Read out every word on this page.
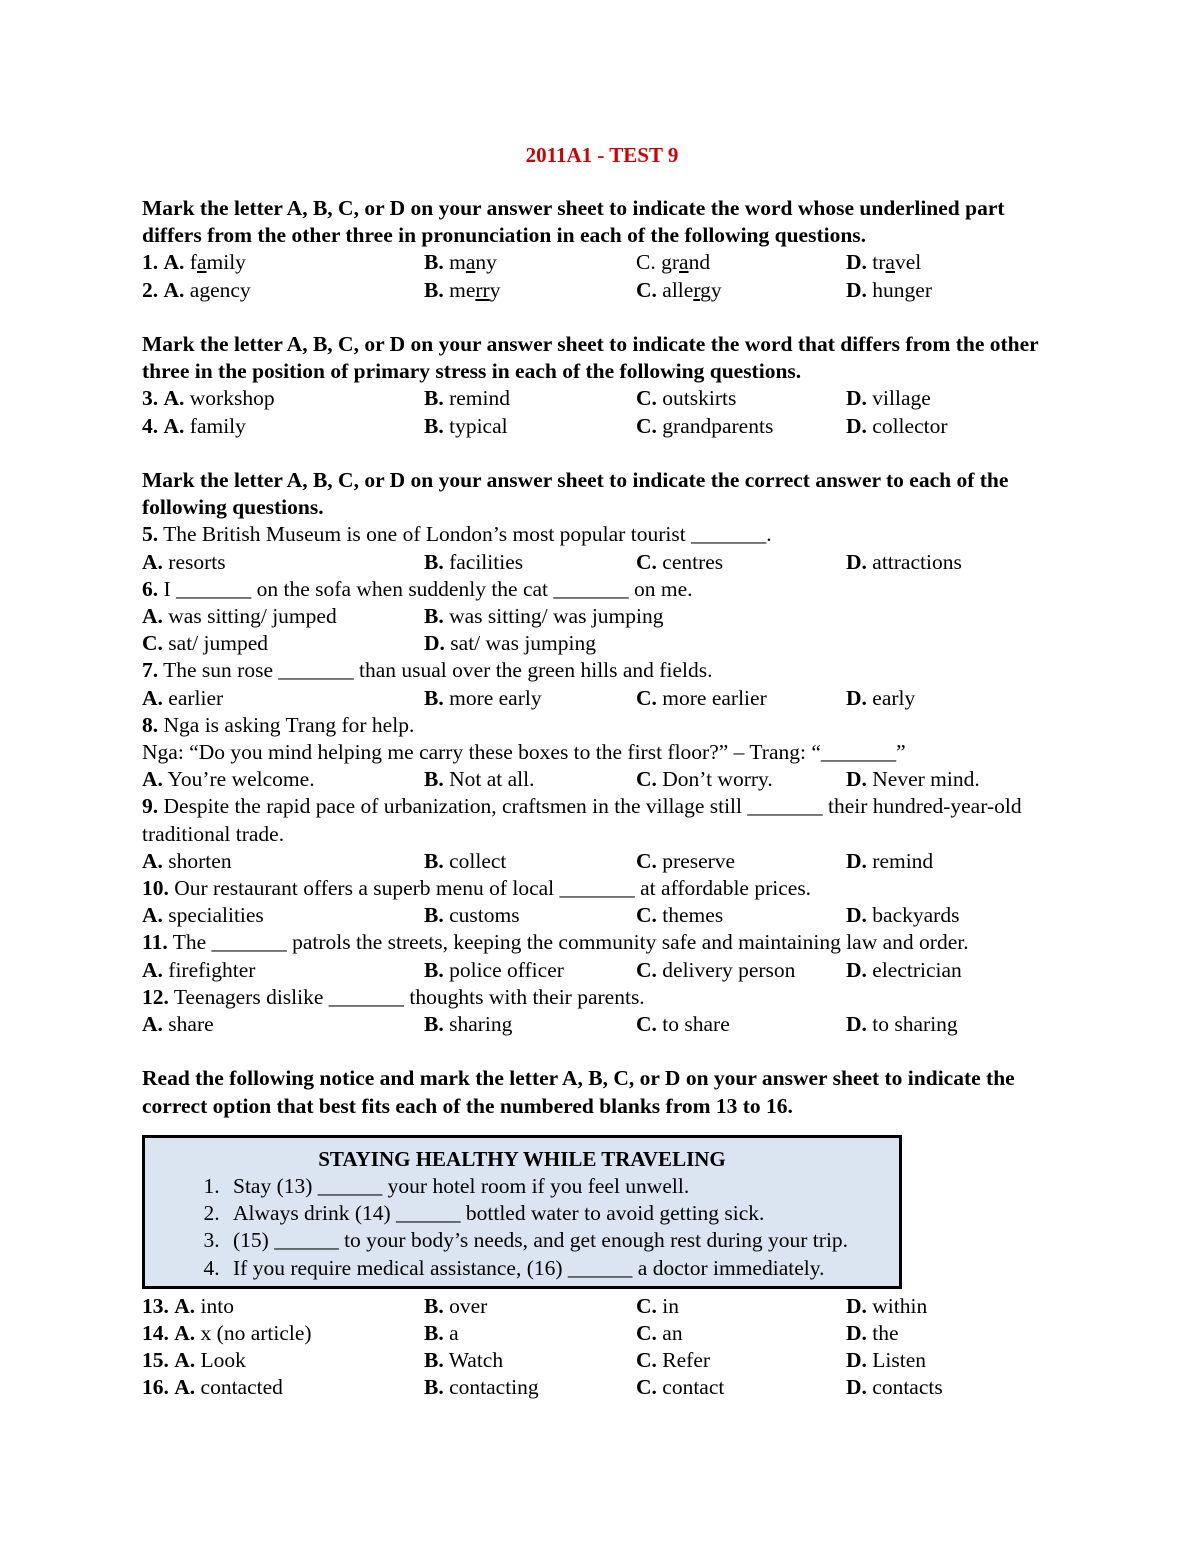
2011A1 - TEST 9
Mark the letter A, B, C, or D on your answer sheet to indicate the word whose underlined part differs from the other three in pronunciation in each of the following questions.
1. A. family	B. many	C. grand	D. travel
2. A. agency	B. merry	C. allergy	D. hunger
Mark the letter A, B, C, or D on your answer sheet to indicate the word that differs from the other three in the position of primary stress in each of the following questions.
3. A. workshop	B. remind	C. outskirts	D. village
4. A. family	B. typical	C. grandparents	D. collector
Mark the letter A, B, C, or D on your answer sheet to indicate the correct answer to each of the following questions.
5. The British Museum is one of London’s most popular tourist _______.
A. resorts	B. facilities	C. centres	D. attractions
6. I _______ on the sofa when suddenly the cat _______ on me.
A. was sitting/ jumped	B. was sitting/ was jumping
C. sat/ jumped	D. sat/ was jumping
7. The sun rose _______ than usual over the green hills and fields.
A. earlier	B. more early	C. more earlier	D. early
8. Nga is asking Trang for help.
Nga: “Do you mind helping me carry these boxes to the first floor?” – Trang: “_______”
A. You’re welcome.	B. Not at all.	C. Don’t worry.	D. Never mind.
9. Despite the rapid pace of urbanization, craftsmen in the village still _______ their hundred-year-old traditional trade.
A. shorten	B. collect	C. preserve	D. remind
10. Our restaurant offers a superb menu of local _______ at affordable prices.
A. specialities	B. customs	C. themes	D. backyards
11. The _______ patrols the streets, keeping the community safe and maintaining law and order.
A. firefighter	B. police officer	C. delivery person	D. electrician
12. Teenagers dislike _______ thoughts with their parents.
A. share	B. sharing	C. to share	D. to sharing
Read the following notice and mark the letter A, B, C, or D on your answer sheet to indicate the correct option that best fits each of the numbered blanks from 13 to 16.
STAYING HEALTHY WHILE TRAVELING
1. Stay (13) ______ your hotel room if you feel unwell.
2. Always drink (14) ______ bottled water to avoid getting sick.
3. (15) ______ to your body’s needs, and get enough rest during your trip.
4. If you require medical assistance, (16) ______ a doctor immediately.
13. A. into	B. over	C. in	D. within
14. A. x (no article)	B. a	C. an	D. the
15. A. Look	B. Watch	C. Refer	D. Listen
16. A. contacted	B. contacting	C. contact	D. contacts
